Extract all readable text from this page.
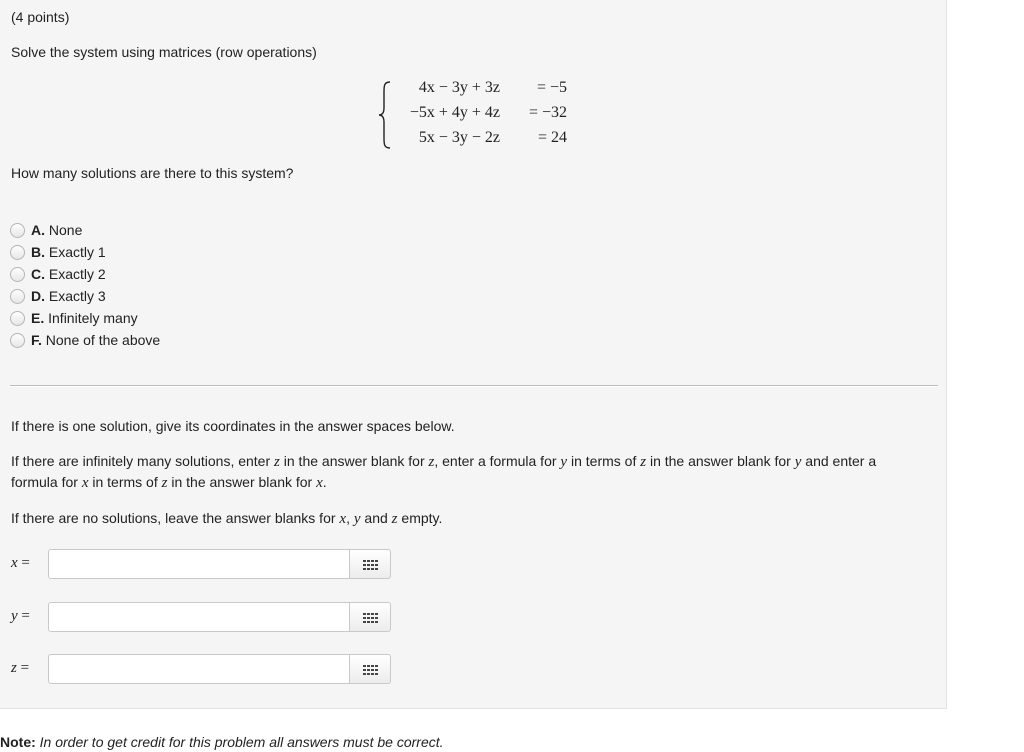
(4 points)
Solve the system using matrices (row operations)
4x − 3y + 3z	= −5
−5x + 4y + 4z	= −32
5x − 3y − 2z	= 24
How many solutions are there to this system?
A. None
B. Exactly 1
C. Exactly 2
D. Exactly 3
E. Infinitely many
F. None of the above
If there is one solution, give its coordinates in the answer spaces below.
If there are infinitely many solutions, enter z in the answer blank for z, enter a formula for y in terms of z in the answer blank for y and enter a
formula for x in terms of z in the answer blank for x.
If there are no solutions, leave the answer blanks for x, y and z empty.
x =
y =
z =
Note: In order to get credit for this problem all answers must be correct.
